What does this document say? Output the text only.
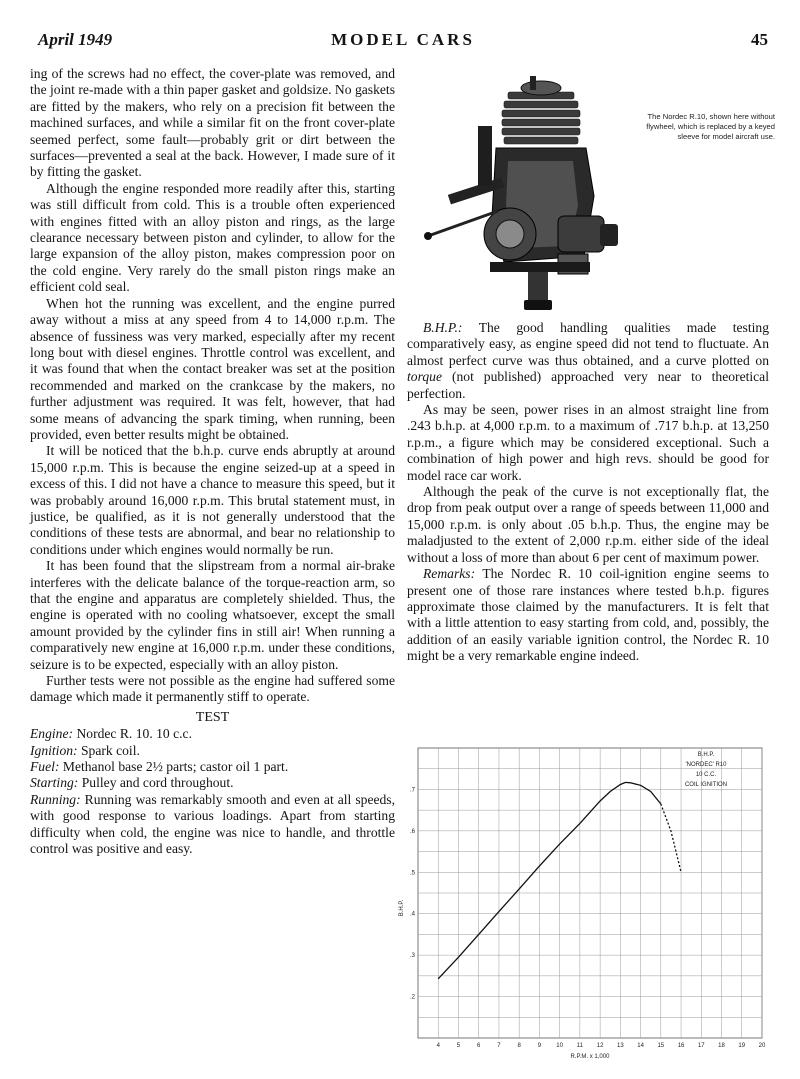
MODEL CARS
April 1949	45

ing of the screws had no effect, the cover-plate was removed, and the joint re-made with a thin paper gasket and goldsize. No gaskets are fitted by the makers, who rely on a precision fit between the machined surfaces, and while a similar fit on the front cover-plate seemed perfect, some fault—probably grit or dirt between the surfaces—prevented a seal at the back. However, I made sure of it by fitting the gasket.

Although the engine responded more readily after this, starting was still difficult from cold. This is a trouble often experienced with engines fitted with an alloy piston and rings, as the large clearance necessary between piston and cylinder, to allow for the large expansion of the alloy piston, makes compression poor on the cold engine. Very rarely do the small piston rings make an efficient cold seal.

When hot the running was excellent, and the engine purred away without a miss at any speed from 4 to 14,000 r.p.m. The absence of fussiness was very marked, especially after my recent long bout with diesel engines. Throttle control was excellent, and it was found that when the contact breaker was set at the position recommended and marked on the crankcase by the makers, no further adjustment was required. It was felt, however, that had some means of advancing the spark timing, when running, been provided, even better results might be obtained.

It will be noticed that the b.h.p. curve ends abruptly at around 15,000 r.p.m. This is because the engine seized-up at a speed in excess of this. I did not have a chance to measure this speed, but it was probably around 16,000 r.p.m. This brutal statement must, in justice, be qualified, as it is not generally understood that the conditions of these tests are abnormal, and bear no relationship to conditions under which engines would normally be run.

It has been found that the slipstream from a normal air-brake interferes with the delicate balance of the torque-reaction arm, so that the engine and apparatus are completely shielded. Thus, the engine is operated with no cooling whatsoever, except the small amount provided by the cylinder fins in still air! When running a comparatively new engine at 16,000 r.p.m. under these conditions, seizure is to be expected, especially with an alloy piston.

Further tests were not possible as the engine had suffered some damage which made it permanently stiff to operate.

TEST

Engine: Nordec R. 10. 10 c.c.

Ignition: Spark coil.

Fuel: Methanol base 2½ parts; castor oil 1 part.

Starting: Pulley and cord throughout.

Running: Running was remarkably smooth and even at all speeds, with good response to various loadings. Apart from starting difficulty when cold, the engine was nice to handle, and throttle control was positive and easy.

The Nordec R.10, shown here without flywheel, which is replaced by a keyed sleeve for model aircraft use.

B.H.P.: The good handling qualities made testing comparatively easy, as engine speed did not tend to fluctuate. An almost perfect curve was thus obtained, and a curve plotted on torque (not published) approached very near to theoretical perfection.

As may be seen, power rises in an almost straight line from .243 b.h.p. at 4,000 r.p.m. to a maximum of .717 b.h.p. at 13,250 r.p.m., a figure which may be considered exceptional. Such a combination of high power and high revs. should be good for model race car work.

Although the peak of the curve is not exceptionally flat, the drop from peak output over a range of speeds between 11,000 and 15,000 r.p.m. is only about .05 b.h.p. Thus, the engine may be maladjusted to the extent of 2,000 r.p.m. either side of the ideal without a loss of more than about 6 per cent of maximum power.

Remarks: The Nordec R. 10 coil-ignition engine seems to present one of those rare instances where tested b.h.p. figures approximate those claimed by the manufacturers. It is felt that with a little attention to easy starting from cold, and, possibly, the addition of an easily variable ignition control, the Nordec R. 10 might be a very remarkable engine indeed.

4	5	6	7	8	9	10 11 12 13 14 15 16 17 18 19 20
.2
.3
.4
.5
.6
.7
B.H.P.
'NORDEC' R10
10 C.C.
COIL IGNITION
B.H.P.
R.P.M. x 1,000
